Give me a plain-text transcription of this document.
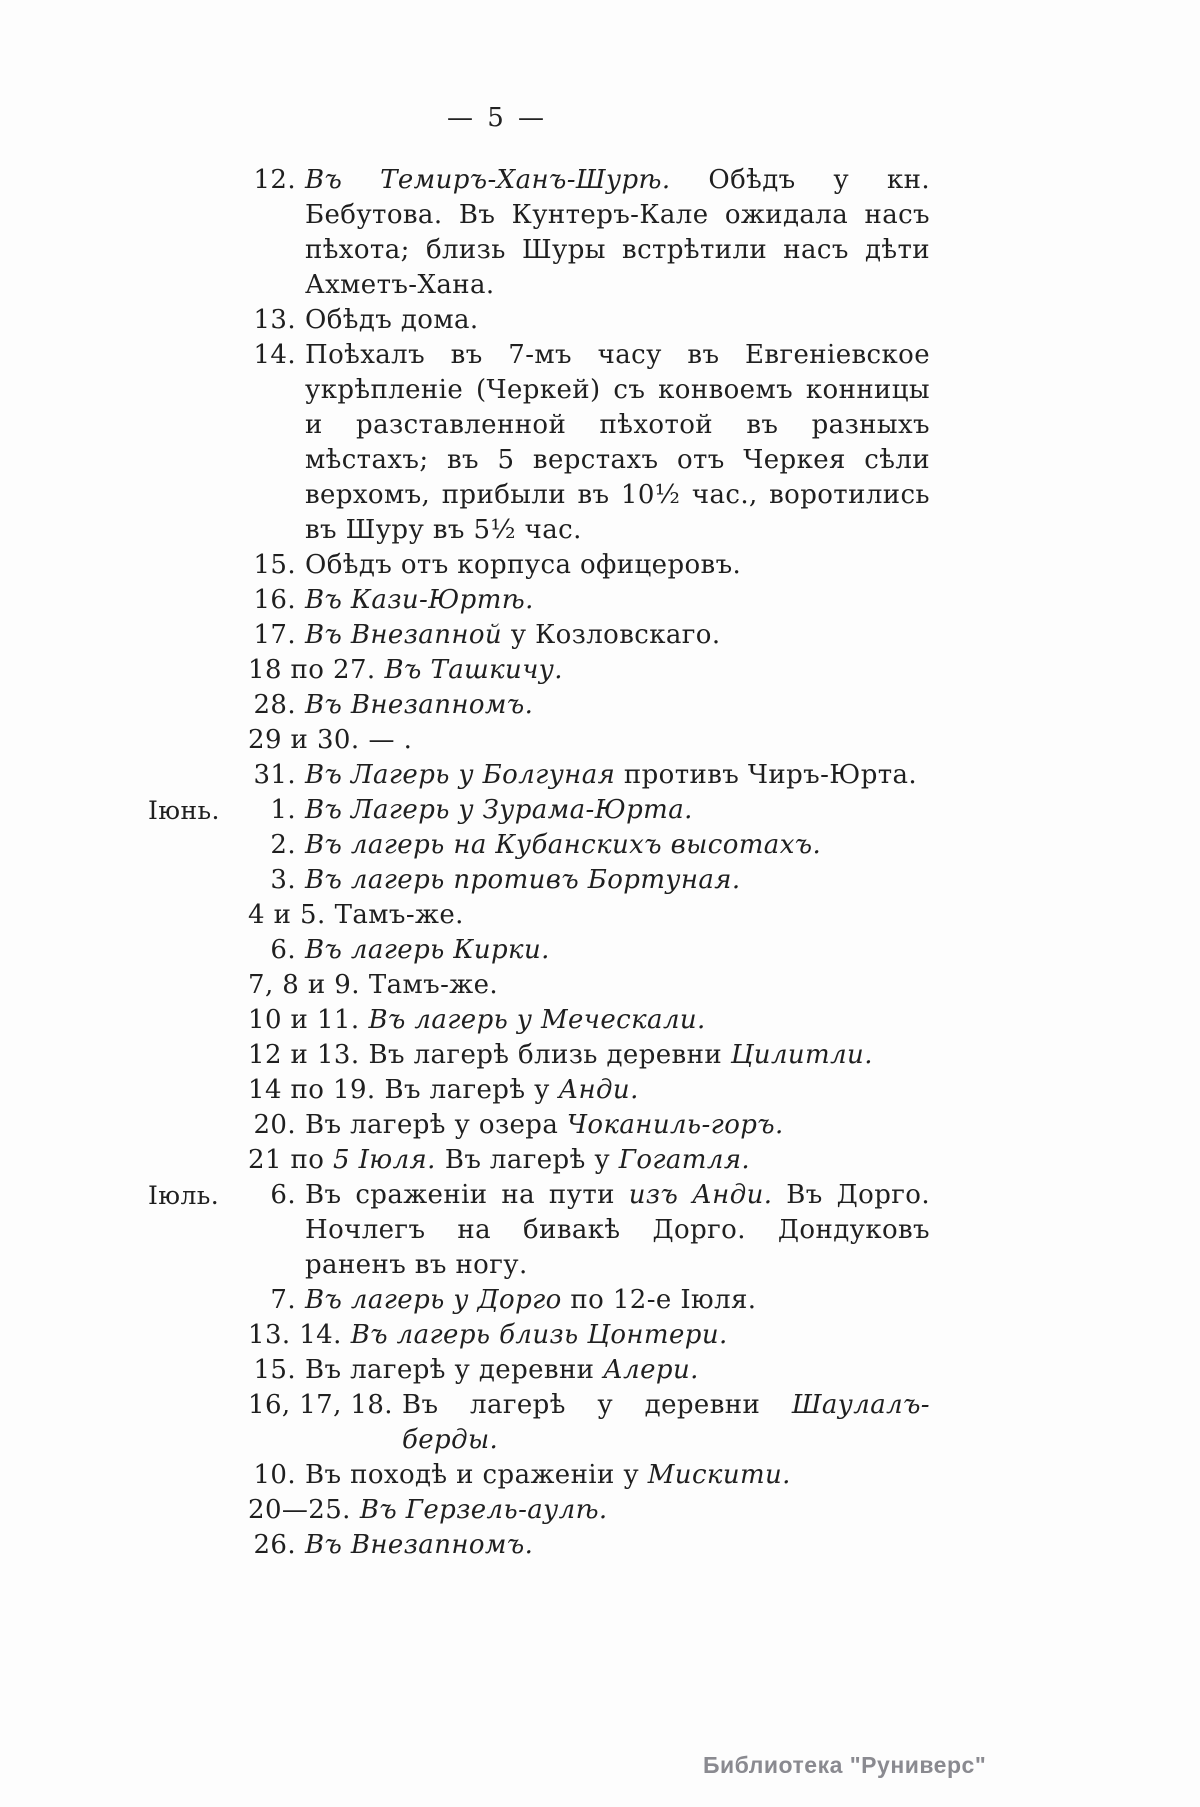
— 5 —
12. Въ Темиръ-Ханъ-Шурѣ. Обѣдъ у кн. Бебутова. Въ Кунтеръ-Кале ожидала насъ пѣхота; близь Шуры встрѣтили насъ дѣти Ахметъ-Хана.
13. Обѣдъ дома.
14. Поѣхалъ въ 7-мъ часу въ Евгеніевское укрѣпленіе (Черкей) съ конвоемъ конницы и разставленной пѣхотой въ разныхъ мѣстахъ; въ 5 верстахъ отъ Черкея сѣли верхомъ, прибыли въ 10½ час., воротились въ Шуру въ 5½ час.
15. Обѣдъ отъ корпуса офицеровъ.
16. Въ Кази-Юртѣ.
17. Въ Внезапной у Козловскаго.
18 по 27. Въ Ташкичу.
28. Въ Внезапномъ.
29 и 30. — .
31. Въ Лагерь у Болгуная противъ Чиръ-Юрта.
Іюнь.	1. Въ Лагерь у Зурама-Юрта.
2. Въ лагерь на Кубанскихъ высотахъ.
3. Въ лагерь противъ Бортуная.
4 и 5. Тамъ-же.
6. Въ лагерь Кирки.
7, 8 и 9. Тамъ-же.
10 и 11. Въ лагерь у Меческали.
12 и 13. Въ лагерѣ близь деревни Цилитли.
14 по 19. Въ лагерѣ у Анди.
20. Въ лагерѣ у озера Чоканиль-горъ.
21 по 5 Іюля. Въ лагерѣ у Гогатля.
Іюль.	6. Въ сраженіи на пути изъ Анди. Въ Дорго. Ночлегъ на бивакѣ Дорго. Дондуковъ раненъ въ ногу.
7. Въ лагерь у Дорго по 12-е Іюля.
13. 14. Въ лагерь близь Цонтери.
15. Въ лагерѣ у деревни Алери.
16, 17, 18. Въ лагерѣ у деревни Шаулалъ-берды.
10. Въ походѣ и сраженіи у Мискити.
20—25. Въ Герзель-аулѣ.
26. Въ Внезапномъ.
Библиотека "Руниверс"
